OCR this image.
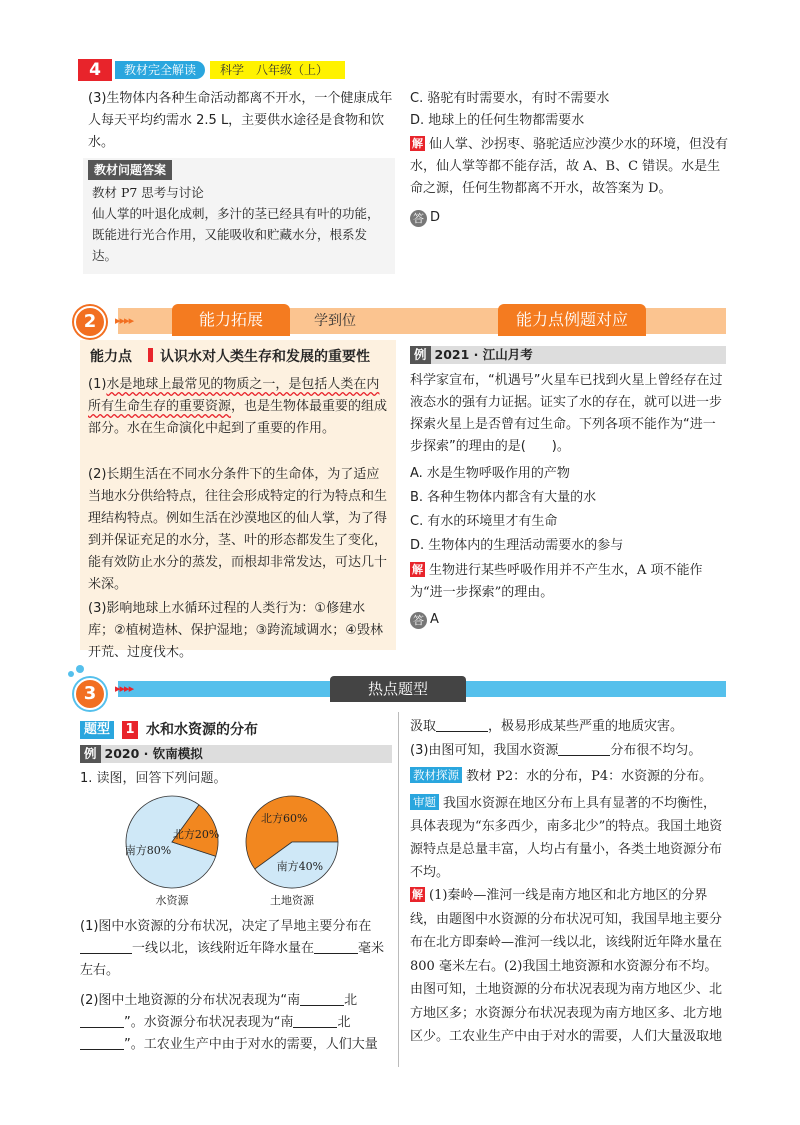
4	教材完全解读	科学　八年级（上）

(3)生物体内各种生命活动都离不开水，一个健康成年人每天平均约需水 2.5 L，主要供水途径是食物和饮水。

教材问题答案
教材 P7 思考与讨论
仙人掌的叶退化成刺，多汁的茎已经具有叶的功能，既能进行光合作用，又能吸收和贮藏水分，根系发达。

C. 骆驼有时需要水，有时不需要水

D. 地球上的任何生物都需要水

解 仙人掌、沙拐枣、骆驼适应沙漠少水的环境，但没有水，仙人掌等都不能存活，故 A、B、C 错误。水是生命之源，任何生物都离不开水，故答案为 D。

答 D
2	▸▸▸▸	能力拓展	学到位	能力点例题对应
能力点 认识水对人类生存和发展的重要性

(1)水是地球上最常见的物质之一，是包括人类在内所有生命生存的重要资源，也是生物体最重要的组成部分。水在生命演化中起到了重要的作用。

(2)长期生活在不同水分条件下的生命体，为了适应当地水分供给特点，往往会形成特定的行为特点和生理结构特点。例如生活在沙漠地区的仙人掌，为了得到并保证充足的水分，茎、叶的形态都发生了变化，能有效防止水分的蒸发，而根却非常发达，可达几十米深。

(3)影响地球上水循环过程的人类行为：①修建水库；②植树造林、保护湿地；③跨流域调水；④毁林开荒、过度伐木。

例 2021 · 江山月考

科学家宣布，“机遇号”火星车已找到火星上曾经存在过液态水的强有力证据。证实了水的存在，就可以进一步探索火星上是否曾有过生命。下列各项不能作为“进一步探索”的理由的是(　　)。

A. 水是生物呼吸作用的产物

B. 各种生物体内都含有大量的水

C. 有水的环境里才有生命

D. 生物体内的生理活动需要水的参与

解 生物进行某些呼吸作用并不产生水，A 项不能作为“进一步探索”的理由。

答 A
3	▸▸▸▸	热点题型
题型	1 水和水资源的分布
例 2020 · 钦南模拟

1. 读图，回答下列问题。

南方80%
北方20%
北方60%
南方40%
水资源	土地资源

(1)图中水资源的分布状况，决定了旱地主要分布在一线以北，该线附近年降水量在	毫米左右。

(2)图中土地资源的分布状况表现为“南	北”。水资源分布状况表现为“南	北”。工农业生产中由于对水的需要，人们大量

汲取	，极易形成某些严重的地质灾害。

(3)由图可知，我国水资源	分布很不均匀。

教材探源 教材 P2：水的分布，P4：水资源的分布。

审题 我国水资源在地区分布上具有显著的不均衡性，具体表现为“东多西少，南多北少”的特点。我国土地资源特点是总量丰富，人均占有量小，各类土地资源分布不均。

解 (1)秦岭—淮河一线是南方地区和北方地区的分界线，由题图中水资源的分布状况可知，我国旱地主要分布在北方即秦岭—淮河一线以北，该线附近年降水量在 800 毫米左右。(2)我国土地资源和水资源分布不均。由图可知，土地资源的分布状况表现为南方地区少、北方地区多；水资源分布状况表现为南方地区多、北方地区少。工农业生产中由于对水的需要，人们大量汲取地
